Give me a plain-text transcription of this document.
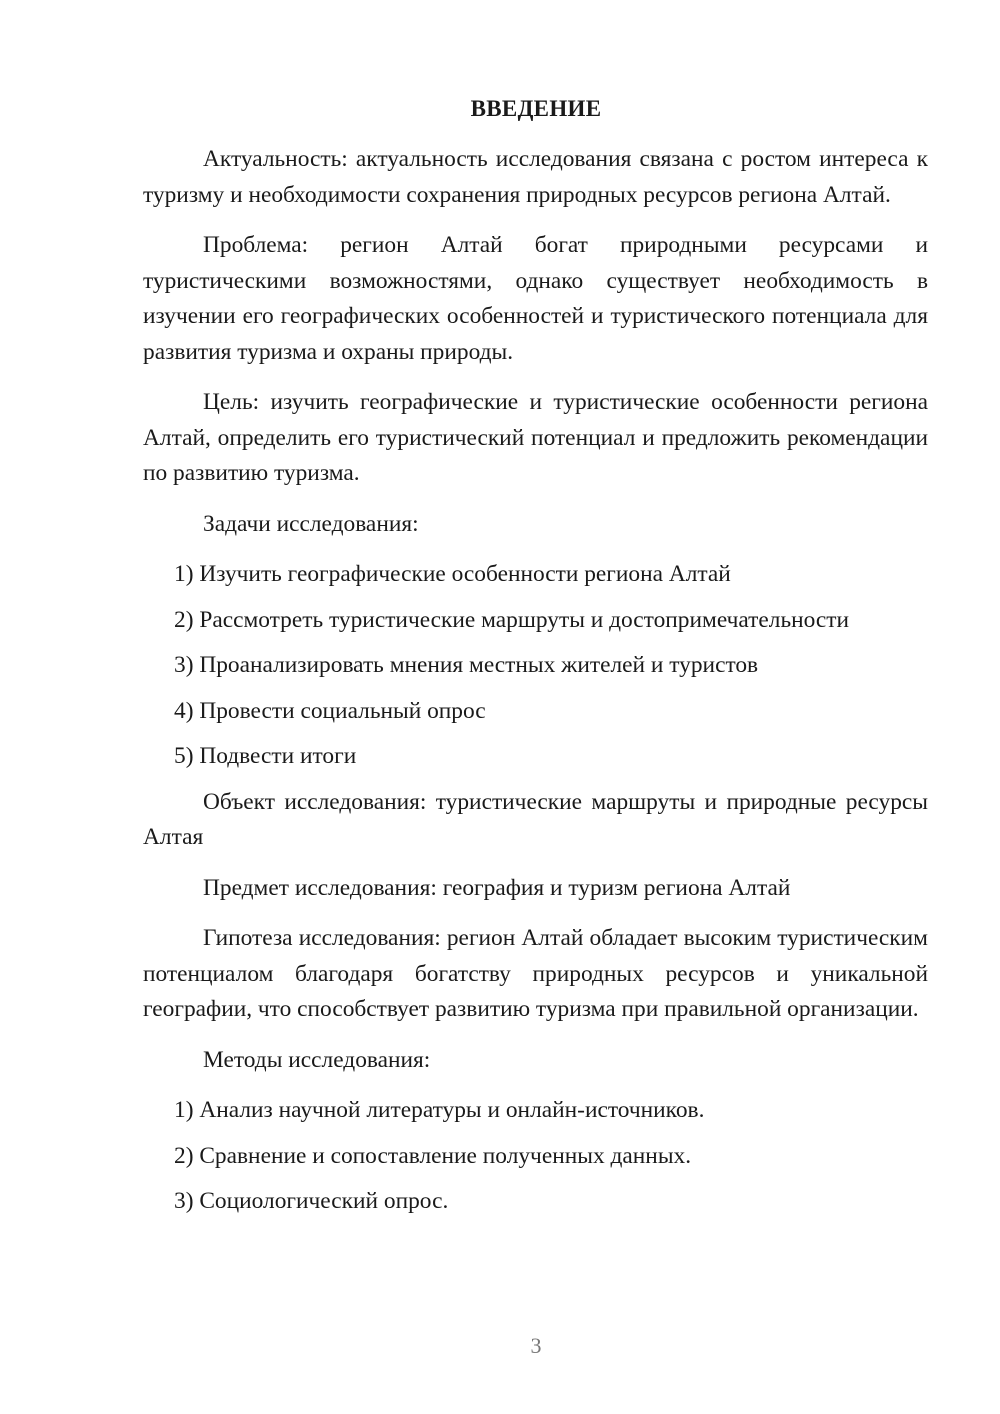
ВВЕДЕНИЕ

Актуальность: актуальность исследования связана с ростом интереса к туризму и необходимости сохранения природных ресурсов региона Алтай.

Проблема: регион Алтай богат природными ресурсами и туристическими возможностями, однако существует необходимость в изучении его географических особенностей и туристического потенциала для развития туризма и охраны природы.

Цель: изучить географические и туристические особенности региона Алтай, определить его туристический потенциал и предложить рекомендации по развитию туризма.

Задачи исследования:

1) Изучить географические особенности региона Алтай
2) Рассмотреть туристические маршруты и достопримечательности
3) Проанализировать мнения местных жителей и туристов
4) Провести социальный опрос
5) Подвести итоги

Объект исследования: туристические маршруты и природные ресурсы Алтая

Предмет исследования: география и туризм региона Алтай

Гипотеза исследования: регион Алтай обладает высоким туристическим потенциалом благодаря богатству природных ресурсов и уникальной географии, что способствует развитию туризма при правильной организации.

Методы исследования:

1) Анализ научной литературы и онлайн-источников.
2) Сравнение и сопоставление полученных данных.
3) Социологический опрос.
3
